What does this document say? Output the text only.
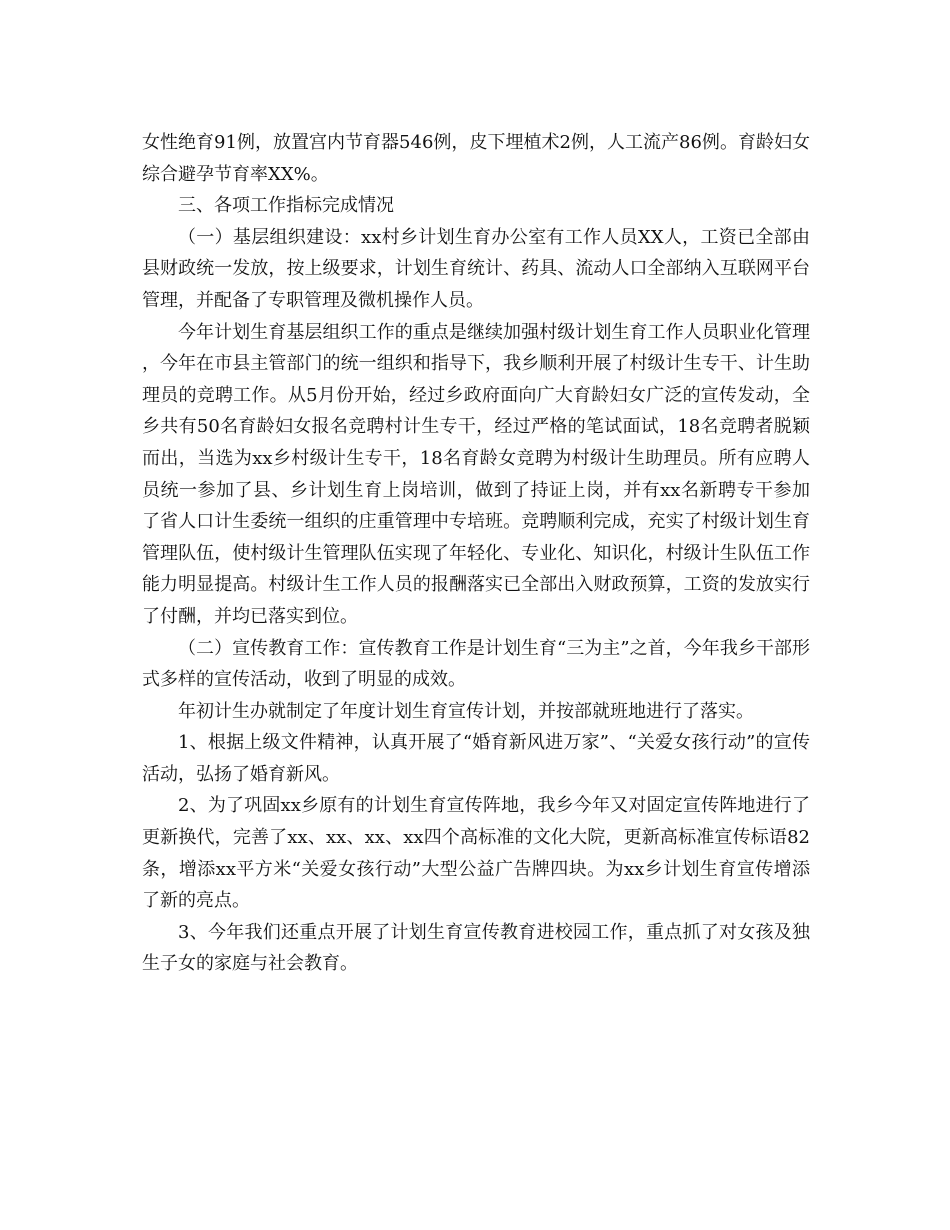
女性绝育91例，放置宫内节育器546例，皮下埋植术2例，人工流产86例。育龄妇女综合避孕节育率XX%。

三、各项工作指标完成情况

（一）基层组织建设：xx村乡计划生育办公室有工作人员XX人，工资已全部由县财政统一发放，按上级要求，计划生育统计、药具、流动人口全部纳入互联网平台管理，并配备了专职管理及微机操作人员。

今年计划生育基层组织工作的重点是继续加强村级计划生育工作人员职业化管理，今年在市县主管部门的统一组织和指导下，我乡顺利开展了村级计生专干、计生助理员的竞聘工作。从5月份开始，经过乡政府面向广大育龄妇女广泛的宣传发动，全乡共有50名育龄妇女报名竞聘村计生专干，经过严格的笔试面试，18名竞聘者脱颖而出，当选为xx乡村级计生专干，18名育龄女竞聘为村级计生助理员。所有应聘人员统一参加了县、乡计划生育上岗培训，做到了持证上岗，并有xx名新聘专干参加了省人口计生委统一组织的庄重管理中专培班。竞聘顺利完成，充实了村级计划生育管理队伍，使村级计生管理队伍实现了年轻化、专业化、知识化，村级计生队伍工作能力明显提高。村级计生工作人员的报酬落实已全部出入财政预算，工资的发放实行了付酬，并均已落实到位。

（二）宣传教育工作：宣传教育工作是计划生育“三为主”之首，今年我乡干部形式多样的宣传活动，收到了明显的成效。

年初计生办就制定了年度计划生育宣传计划，并按部就班地进行了落实。

1、根据上级文件精神，认真开展了“婚育新风进万家”、“关爱女孩行动”的宣传活动，弘扬了婚育新风。

2、为了巩固xx乡原有的计划生育宣传阵地，我乡今年又对固定宣传阵地进行了更新换代，完善了xx、xx、xx、xx四个高标准的文化大院，更新高标准宣传标语82条，增添xx平方米“关爱女孩行动”大型公益广告牌四块。为xx乡计划生育宣传增添了新的亮点。

3、今年我们还重点开展了计划生育宣传教育进校园工作，重点抓了对女孩及独生子女的家庭与社会教育。
